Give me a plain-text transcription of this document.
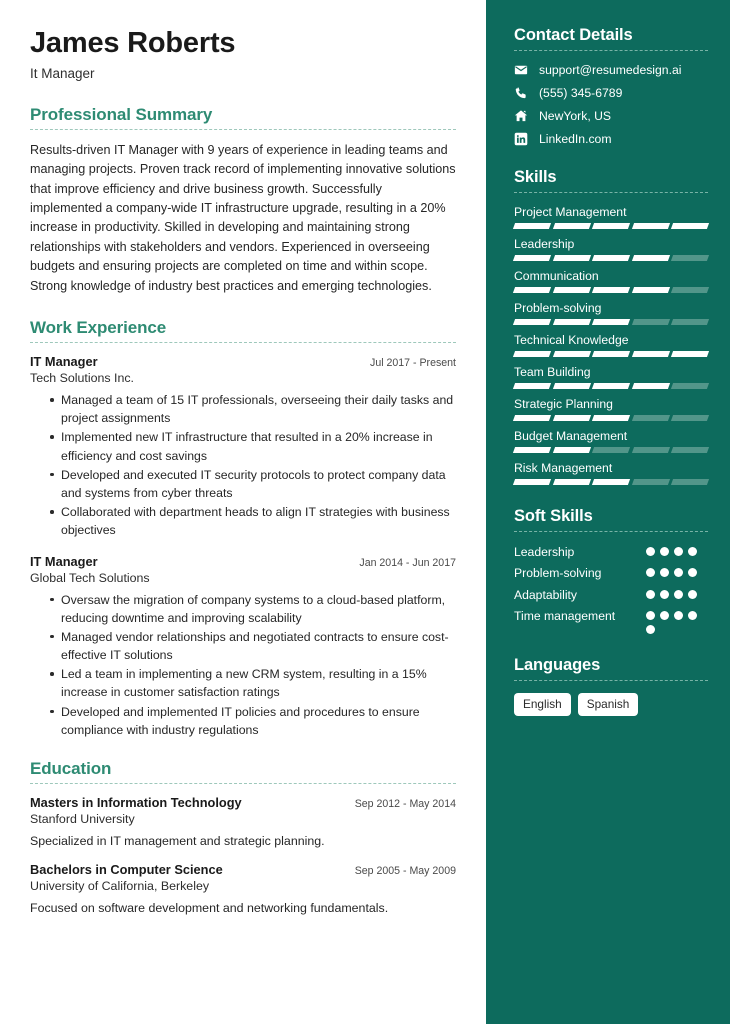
James Roberts
It Manager
Professional Summary

Results-driven IT Manager with 9 years of experience in leading teams and managing projects. Proven track record of implementing innovative solutions that improve efficiency and drive business growth. Successfully implemented a company-wide IT infrastructure upgrade, resulting in a 20% increase in productivity. Skilled in developing and maintaining strong relationships with stakeholders and vendors. Experienced in overseeing budgets and ensuring projects are completed on time and within scope. Strong knowledge of industry best practices and emerging technologies.

Work Experience
IT Manager	Jul 2017 - Present
Tech Solutions Inc.
Managed a team of 15 IT professionals, overseeing their daily tasks and project assignments
Implemented new IT infrastructure that resulted in a 20% increase in efficiency and cost savings
Developed and executed IT security protocols to protect company data and systems from cyber threats
Collaborated with department heads to align IT strategies with business objectives
IT Manager	Jan 2014 - Jun 2017
Global Tech Solutions
Oversaw the migration of company systems to a cloud-based platform, reducing downtime and improving scalability
Managed vendor relationships and negotiated contracts to ensure cost-effective IT solutions
Led a team in implementing a new CRM system, resulting in a 15% increase in customer satisfaction ratings
Developed and implemented IT policies and procedures to ensure compliance with industry regulations
Education
Masters in Information Technology	Sep 2012 - May 2014
Stanford University
Specialized in IT management and strategic planning.
Bachelors in Computer Science	Sep 2005 - May 2009
University of California, Berkeley
Focused on software development and networking fundamentals.
Contact Details
support@resumedesign.ai
(555) 345-6789
NewYork, US
LinkedIn.com
Skills
Project Management
Leadership
Communication
Problem-solving
Technical Knowledge
Team Building
Strategic Planning
Budget Management
Risk Management
Soft Skills
Leadership
Problem-solving
Adaptability
Time management
Languages
English	Spanish
